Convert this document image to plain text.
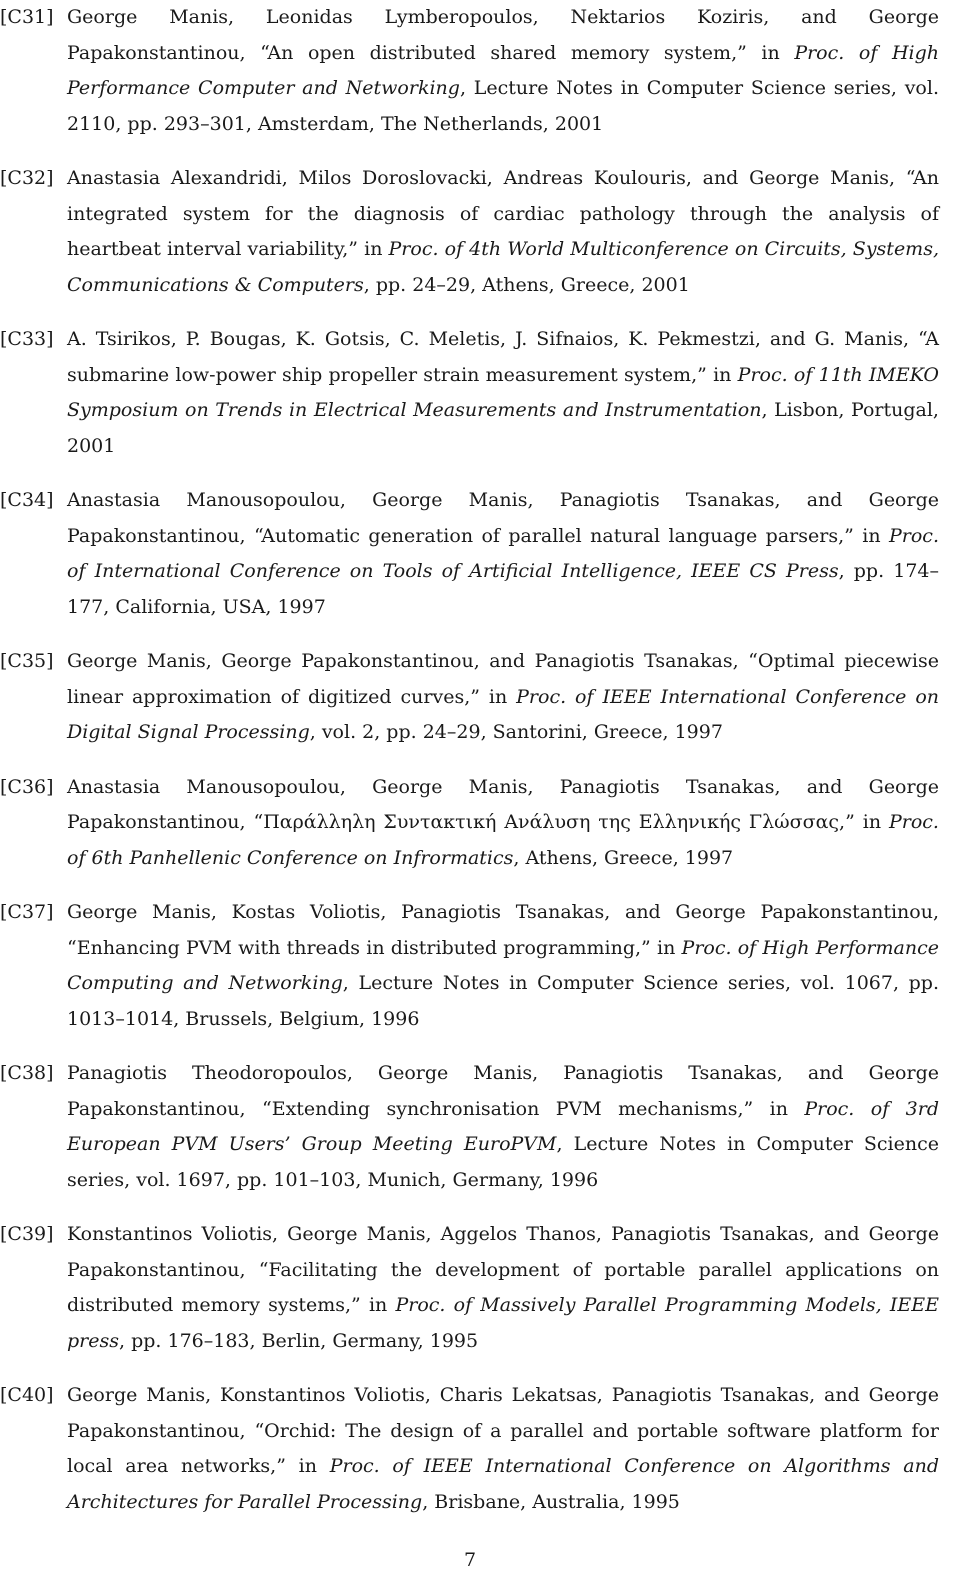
[C31] George Manis, Leonidas Lymberopoulos, Nektarios Koziris, and George Papakonstantinou, “An open distributed shared memory system,” in Proc. of High Performance Computer and Networking, Lecture Notes in Computer Science series, vol. 2110, pp. 293–301, Amsterdam, The Netherlands, 2001
[C32] Anastasia Alexandridi, Milos Doroslovacki, Andreas Koulouris, and George Manis, “An integrated system for the diagnosis of cardiac pathology through the analysis of heartbeat interval variability,” in Proc. of 4th World Multiconference on Circuits, Systems, Communications & Computers, pp. 24–29, Athens, Greece, 2001
[C33] A. Tsirikos, P. Bougas, K. Gotsis, C. Meletis, J. Sifnaios, K. Pekmestzi, and G. Manis, “A submarine low-power ship propeller strain measurement system,” in Proc. of 11th IMEKO Symposium on Trends in Electrical Measurements and Instrumentation, Lisbon, Portugal, 2001
[C34] Anastasia Manousopoulou, George Manis, Panagiotis Tsanakas, and George Papakonstantinou, “Automatic generation of parallel natural language parsers,” in Proc. of International Conference on Tools of Artificial Intelligence, IEEE CS Press, pp. 174–177, California, USA, 1997
[C35] George Manis, George Papakonstantinou, and Panagiotis Tsanakas, “Optimal piecewise linear approximation of digitized curves,” in Proc. of IEEE International Conference on Digital Signal Processing, vol. 2, pp. 24–29, Santorini, Greece, 1997
[C36] Anastasia Manousopoulou, George Manis, Panagiotis Tsanakas, and George Papakonstantinou, “Παράλληλη Συντακτική Ανάλυση της Ελληνικής Γλώσσας,” in Proc. of 6th Panhellenic Conference on Infrormatics, Athens, Greece, 1997
[C37] George Manis, Kostas Voliotis, Panagiotis Tsanakas, and George Papakonstantinou, “Enhancing PVM with threads in distributed programming,” in Proc. of High Performance Computing and Networking, Lecture Notes in Computer Science series, vol. 1067, pp. 1013–1014, Brussels, Belgium, 1996
[C38] Panagiotis Theodoropoulos, George Manis, Panagiotis Tsanakas, and George Papakonstantinou, “Extending synchronisation PVM mechanisms,” in Proc. of 3rd European PVM Users’ Group Meeting EuroPVM, Lecture Notes in Computer Science series, vol. 1697, pp. 101–103, Munich, Germany, 1996
[C39] Konstantinos Voliotis, George Manis, Aggelos Thanos, Panagiotis Tsanakas, and George Papakonstantinou, “Facilitating the development of portable parallel applications on distributed memory systems,” in Proc. of Massively Parallel Programming Models, IEEE press, pp. 176–183, Berlin, Germany, 1995
[C40] George Manis, Konstantinos Voliotis, Charis Lekatsas, Panagiotis Tsanakas, and George Papakonstantinou, “Orchid: The design of a parallel and portable software platform for local area networks,” in Proc. of IEEE International Conference on Algorithms and Architectures for Parallel Processing, Brisbane, Australia, 1995
7
